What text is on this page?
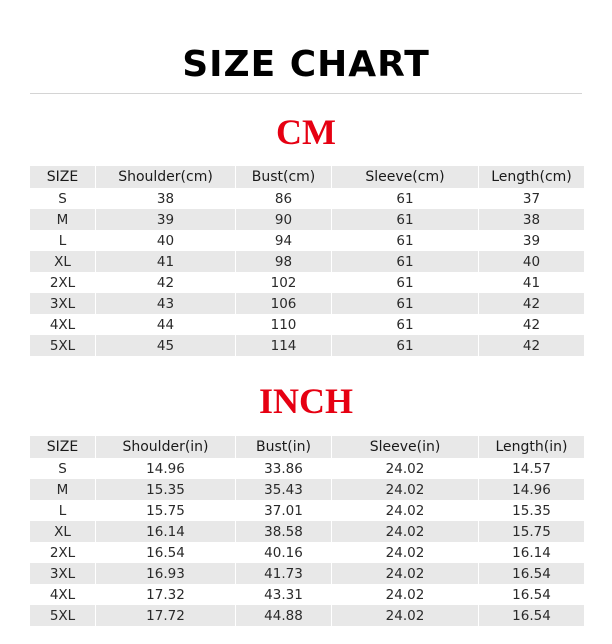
SIZE CHART
CM
SIZE	Shoulder(cm)	Bust(cm)	Sleeve(cm)	Length(cm)
S	38	86	61	37
M	39	90	61	38
L	40	94	61	39
XL	41	98	61	40
2XL	42	102	61	41
3XL	43	106	61	42
4XL	44	110	61	42
5XL	45	114	61	42
INCH
SIZE	Shoulder(in)	Bust(in)	Sleeve(in)	Length(in)
S	14.96	33.86	24.02	14.57
M	15.35	35.43	24.02	14.96
L	15.75	37.01	24.02	15.35
XL	16.14	38.58	24.02	15.75
2XL	16.54	40.16	24.02	16.14
3XL	16.93	41.73	24.02	16.54
4XL	17.32	43.31	24.02	16.54
5XL	17.72	44.88	24.02	16.54
